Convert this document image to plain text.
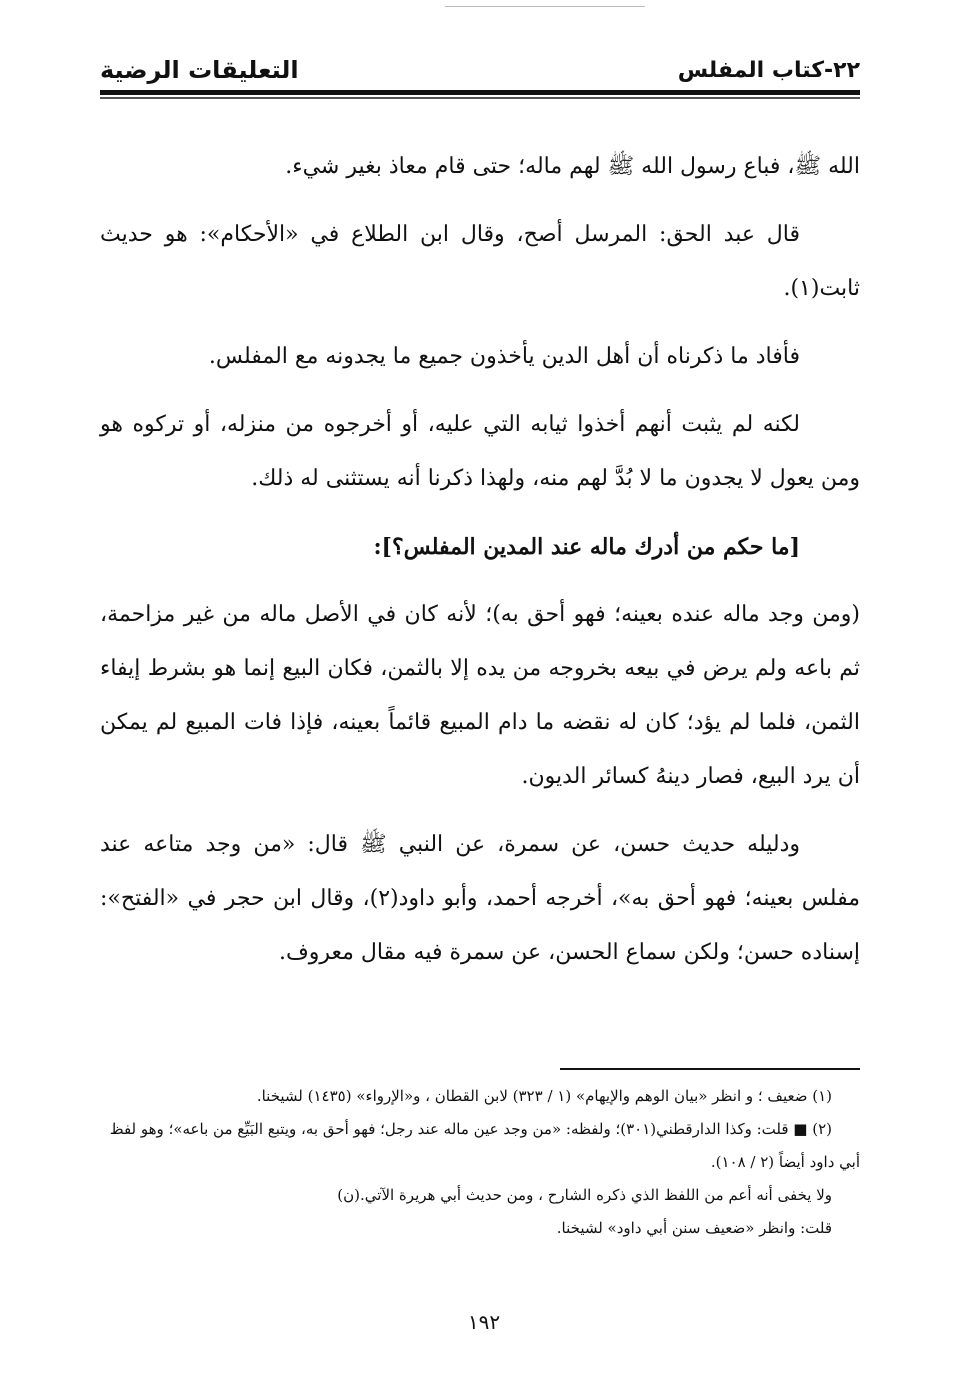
٢٢-كتاب المفلس
التعليقات الرضية

الله ﷺ، فباع رسول الله ﷺ لهم ماله؛ حتى قام معاذ بغير شيء.

قال عبد الحق: المرسل أصح، وقال ابن الطلاع في «الأحكام»: هو حديث ثابت(١).

فأفاد ما ذكرناه أن أهل الدين يأخذون جميع ما يجدونه مع المفلس.

لكنه لم يثبت أنهم أخذوا ثيابه التي عليه، أو أخرجوه من منزله، أو تركوه هو ومن يعول لا يجدون ما لا بُدَّ لهم منه، ولهذا ذكرنا أنه يستثنى له ذلك.

[ما حكم من أدرك ماله عند المدين المفلس؟]:

(ومن وجد ماله عنده بعينه؛ فهو أحق به)؛ لأنه كان في الأصل ماله من غير مزاحمة، ثم باعه ولم يرض في بيعه بخروجه من يده إلا بالثمن، فكان البيع إنما هو بشرط إيفاء الثمن، فلما لم يؤد؛ كان له نقضه ما دام المبيع قائماً بعينه، فإذا فات المبيع لم يمكن أن يرد البيع، فصار دينهُ كسائر الديون.

ودليله حديث حسن، عن سمرة، عن النبي ﷺ قال: «من وجد متاعه عند مفلس بعينه؛ فهو أحق به»، أخرجه أحمد، وأبو داود(٢)، وقال ابن حجر في «الفتح»: إسناده حسن؛ ولكن سماع الحسن، عن سمرة فيه مقال معروف.

(١) ضعيف ؛ و انظر «بيان الوهم والإيهام» (١ / ٣٢٣) لابن القطان ، و«الإرواء» (١٤٣٥) لشيخنا.

(٢) ■ قلت: وكذا الدارقطني(٣٠١)؛ ولفظه: «من وجد عين ماله عند رجل؛ فهو أحق به، ويتبع البَيِّع من باعه»؛ وهو لفظ أبي داود أيضاً (٢ / ١٠٨).

ولا يخفى أنه أعم من اللفظ الذي ذكره الشارح ، ومن حديث أبي هريرة الآتي.(ن)

قلت: وانظر «ضعيف سنن أبي داود» لشيخنا.

١٩٢
